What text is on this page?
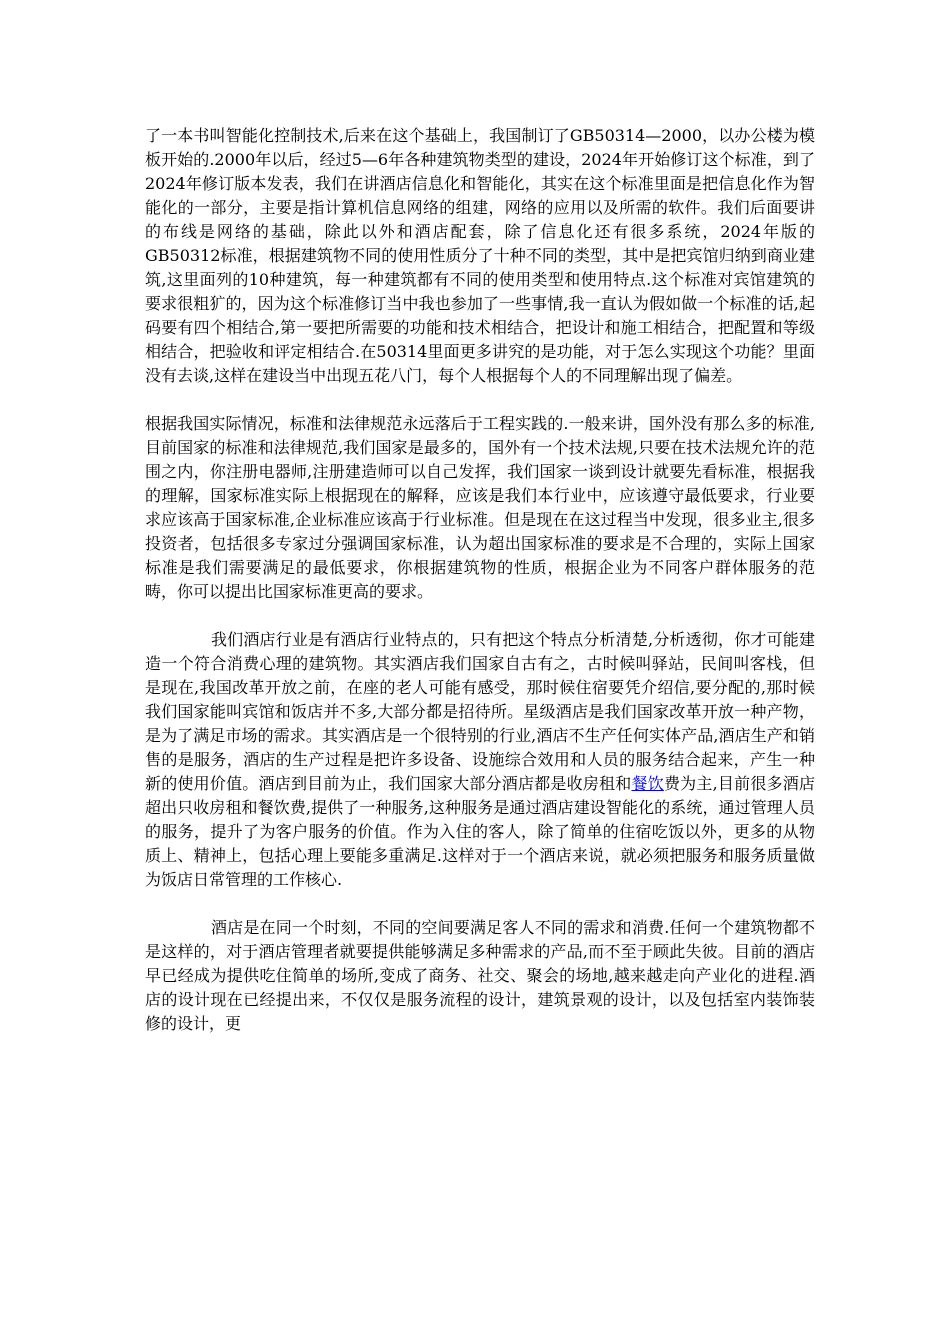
了一本书叫智能化控制技术,后来在这个基础上，我国制订了GB50314—2000，以办公楼为模板开始的.2000年以后，经过5—6年各种建筑物类型的建设，2024年开始修订这个标准，到了2024年修订版本发表，我们在讲酒店信息化和智能化，其实在这个标准里面是把信息化作为智能化的一部分，主要是指计算机信息网络的组建，网络的应用以及所需的软件。我们后面要讲的布线是网络的基础，除此以外和酒店配套，除了信息化还有很多系统，2024年版的GB50312标准，根据建筑物不同的使用性质分了十种不同的类型，其中是把宾馆归纳到商业建筑,这里面列的10种建筑，每一种建筑都有不同的使用类型和使用特点.这个标准对宾馆建筑的要求很粗犷的，因为这个标准修订当中我也参加了一些事情,我一直认为假如做一个标准的话,起码要有四个相结合,第一要把所需要的功能和技术相结合，把设计和施工相结合，把配置和等级相结合，把验收和评定相结合.在50314里面更多讲究的是功能，对于怎么实现这个功能？里面没有去谈,这样在建设当中出现五花八门，每个人根据每个人的不同理解出现了偏差。

根据我国实际情况，标准和法律规范永远落后于工程实践的.一般来讲，国外没有那么多的标准,目前国家的标准和法律规范,我们国家是最多的，国外有一个技术法规,只要在技术法规允许的范围之内，你注册电器师,注册建造师可以自己发挥，我们国家一谈到设计就要先看标准，根据我的理解，国家标准实际上根据现在的解释，应该是我们本行业中，应该遵守最低要求，行业要求应该高于国家标准,企业标准应该高于行业标准。但是现在在这过程当中发现，很多业主,很多投资者，包括很多专家过分强调国家标准，认为超出国家标准的要求是不合理的，实际上国家标准是我们需要满足的最低要求，你根据建筑物的性质，根据企业为不同客户群体服务的范畴，你可以提出比国家标准更高的要求。

我们酒店行业是有酒店行业特点的，只有把这个特点分析清楚,分析透彻，你才可能建造一个符合消费心理的建筑物。其实酒店我们国家自古有之，古时候叫驿站，民间叫客栈，但是现在,我国改革开放之前，在座的老人可能有感受，那时候住宿要凭介绍信,要分配的,那时候我们国家能叫宾馆和饭店并不多,大部分都是招待所。星级酒店是我们国家改革开放一种产物，是为了满足市场的需求。其实酒店是一个很特别的行业,酒店不生产任何实体产品,酒店生产和销售的是服务，酒店的生产过程是把许多设备、设施综合效用和人员的服务结合起来，产生一种新的使用价值。酒店到目前为止，我们国家大部分酒店都是收房租和餐饮费为主,目前很多酒店超出只收房租和餐饮费,提供了一种服务,这种服务是通过酒店建设智能化的系统，通过管理人员的服务，提升了为客户服务的价值。作为入住的客人，除了简单的住宿吃饭以外，更多的从物质上、精神上，包括心理上要能多重满足.这样对于一个酒店来说，就必须把服务和服务质量做为饭店日常管理的工作核心.

酒店是在同一个时刻，不同的空间要满足客人不同的需求和消费.任何一个建筑物都不是这样的，对于酒店管理者就要提供能够满足多种需求的产品,而不至于顾此失彼。目前的酒店早已经成为提供吃住简单的场所,变成了商务、社交、聚会的场地,越来越走向产业化的进程.酒店的设计现在已经提出来，不仅仅是服务流程的设计，建筑景观的设计，以及包括室内装饰装修的设计，更
